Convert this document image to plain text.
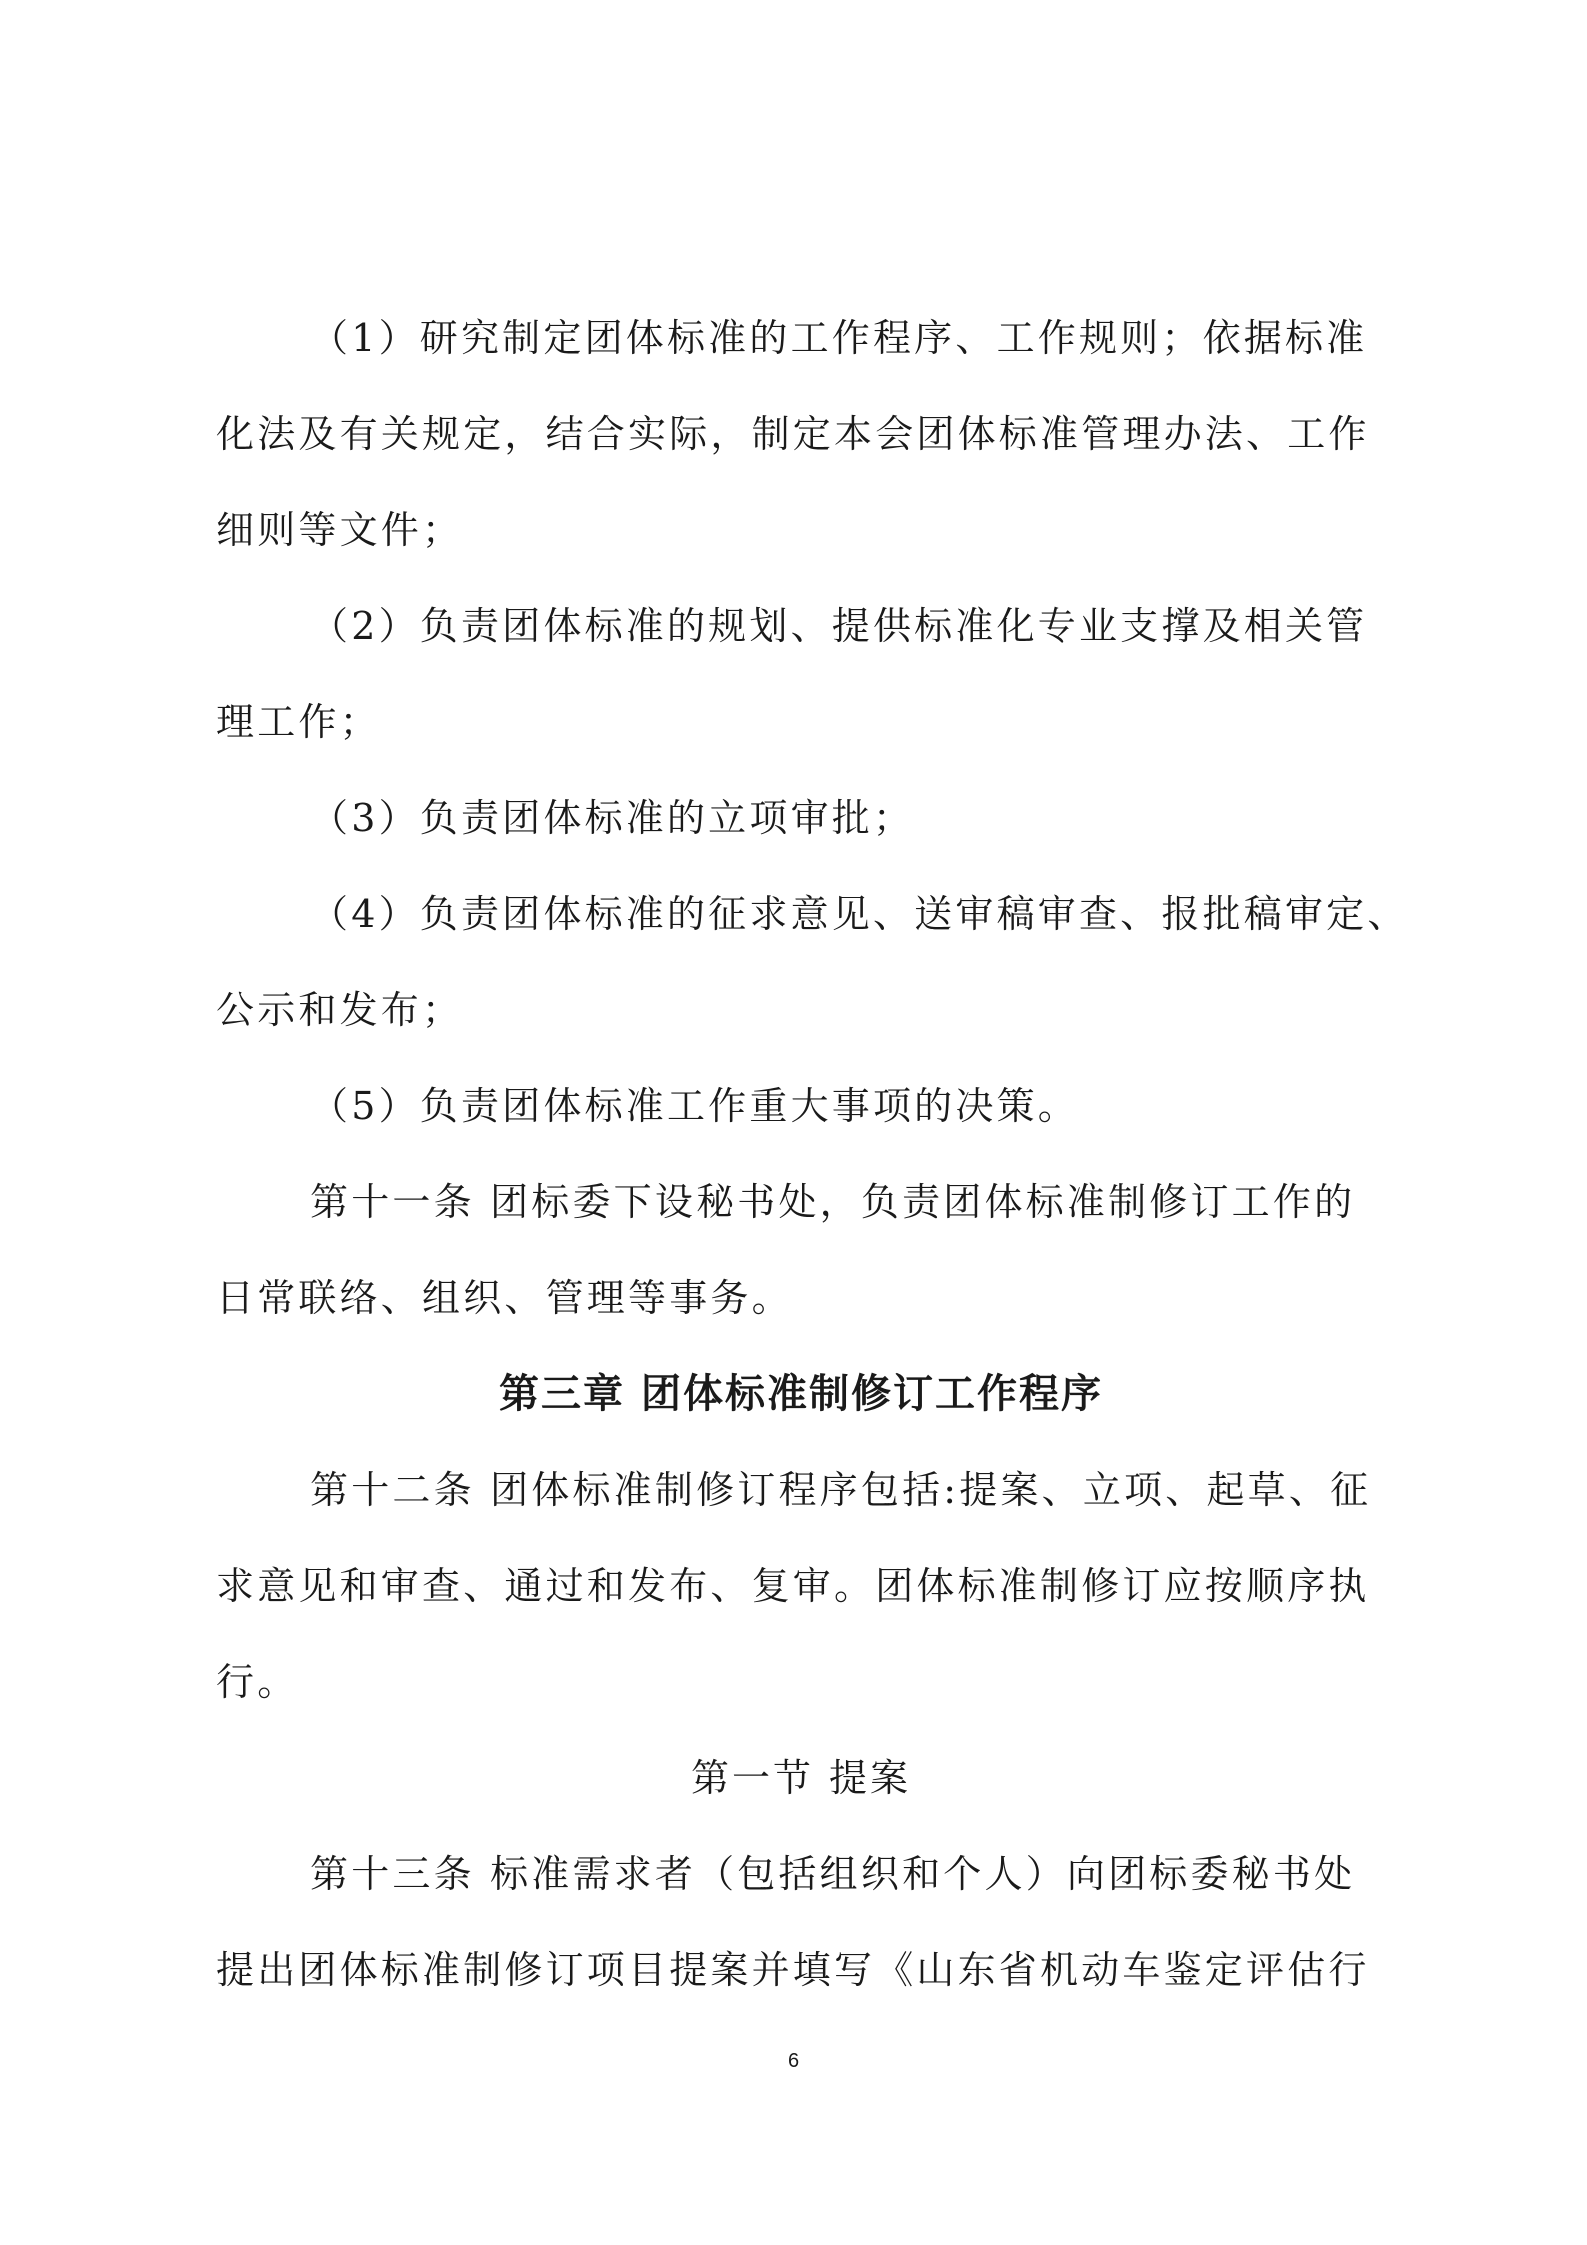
（1）研究制定团体标准的工作程序、工作规则；依据标准
化法及有关规定，结合实际，制定本会团体标准管理办法、工作
细则等文件；
（2）负责团体标准的规划、提供标准化专业支撑及相关管
理工作；
（3）负责团体标准的立项审批；
（4）负责团体标准的征求意见、送审稿审查、报批稿审定、
公示和发布；
（5）负责团体标准工作重大事项的决策。
第十一条 团标委下设秘书处，负责团体标准制修订工作的
日常联络、组织、管理等事务。
第三章 团体标准制修订工作程序
第十二条 团体标准制修订程序包括:提案、立项、起草、征
求意见和审查、通过和发布、复审。团体标准制修订应按顺序执
行。
第一节 提案
第十三条 标准需求者（包括组织和个人）向团标委秘书处
提出团体标准制修订项目提案并填写《山东省机动车鉴定评估行
6
